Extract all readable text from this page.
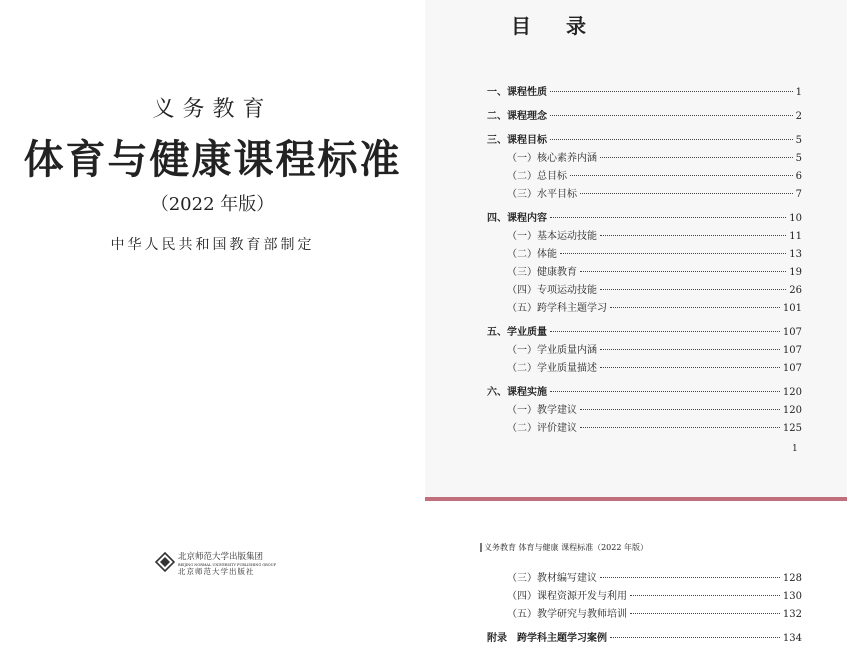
义务教育
体育与健康课程标准
（2022 年版）
中华人民共和国教育部制定
北京师范大学出版集团
BEIJING NORMAL UNIVERSITY PUBLISHING GROUP
北京师范大学出版社
目 录
一、课程性质	1
二、课程理念	2
三、课程目标	5
（一）核心素养内涵	5
（二）总目标	6
（三）水平目标	7
四、课程内容	10
（一）基本运动技能	11
（二）体能	13
（三）健康教育	19
（四）专项运动技能	26
（五）跨学科主题学习	101
五、学业质量	107
（一）学业质量内涵	107
（二）学业质量描述	107
六、课程实施	120
（一）教学建议	120
（二）评价建议	125
1
义务教育 体育与健康 课程标准（2022 年版）
（三）教材编写建议	128
（四）课程资源开发与利用	130
（五）教学研究与教师培训	132
附录　跨学科主题学习案例	134
